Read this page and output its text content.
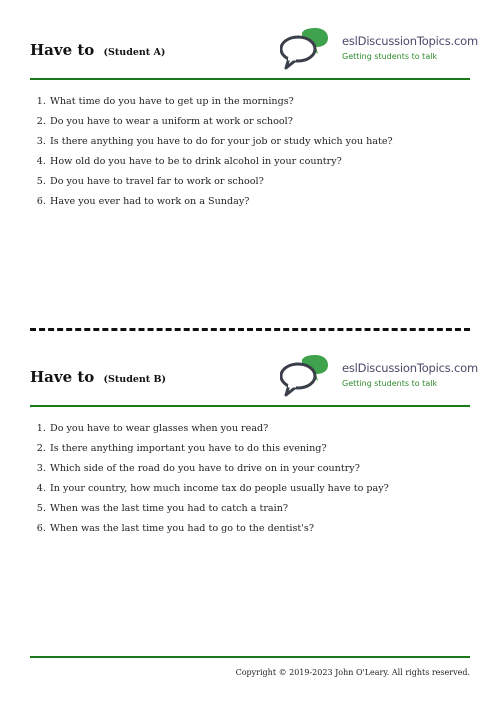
Have to (Student A)
eslDiscussionTopics.com
Getting students to talk
1. What time do you have to get up in the mornings?
2. Do you have to wear a uniform at work or school?
3. Is there anything you have to do for your job or study which you hate?
4. How old do you have to be to drink alcohol in your country?
5. Do you have to travel far to work or school?
6. Have you ever had to work on a Sunday?
Have to (Student B)
eslDiscussionTopics.com
Getting students to talk
1. Do you have to wear glasses when you read?
2. Is there anything important you have to do this evening?
3. Which side of the road do you have to drive on in your country?
4. In your country, how much income tax do people usually have to pay?
5. When was the last time you had to catch a train?
6. When was the last time you had to go to the dentist's?
Copyright © 2019-2023 John O'Leary. All rights reserved.
